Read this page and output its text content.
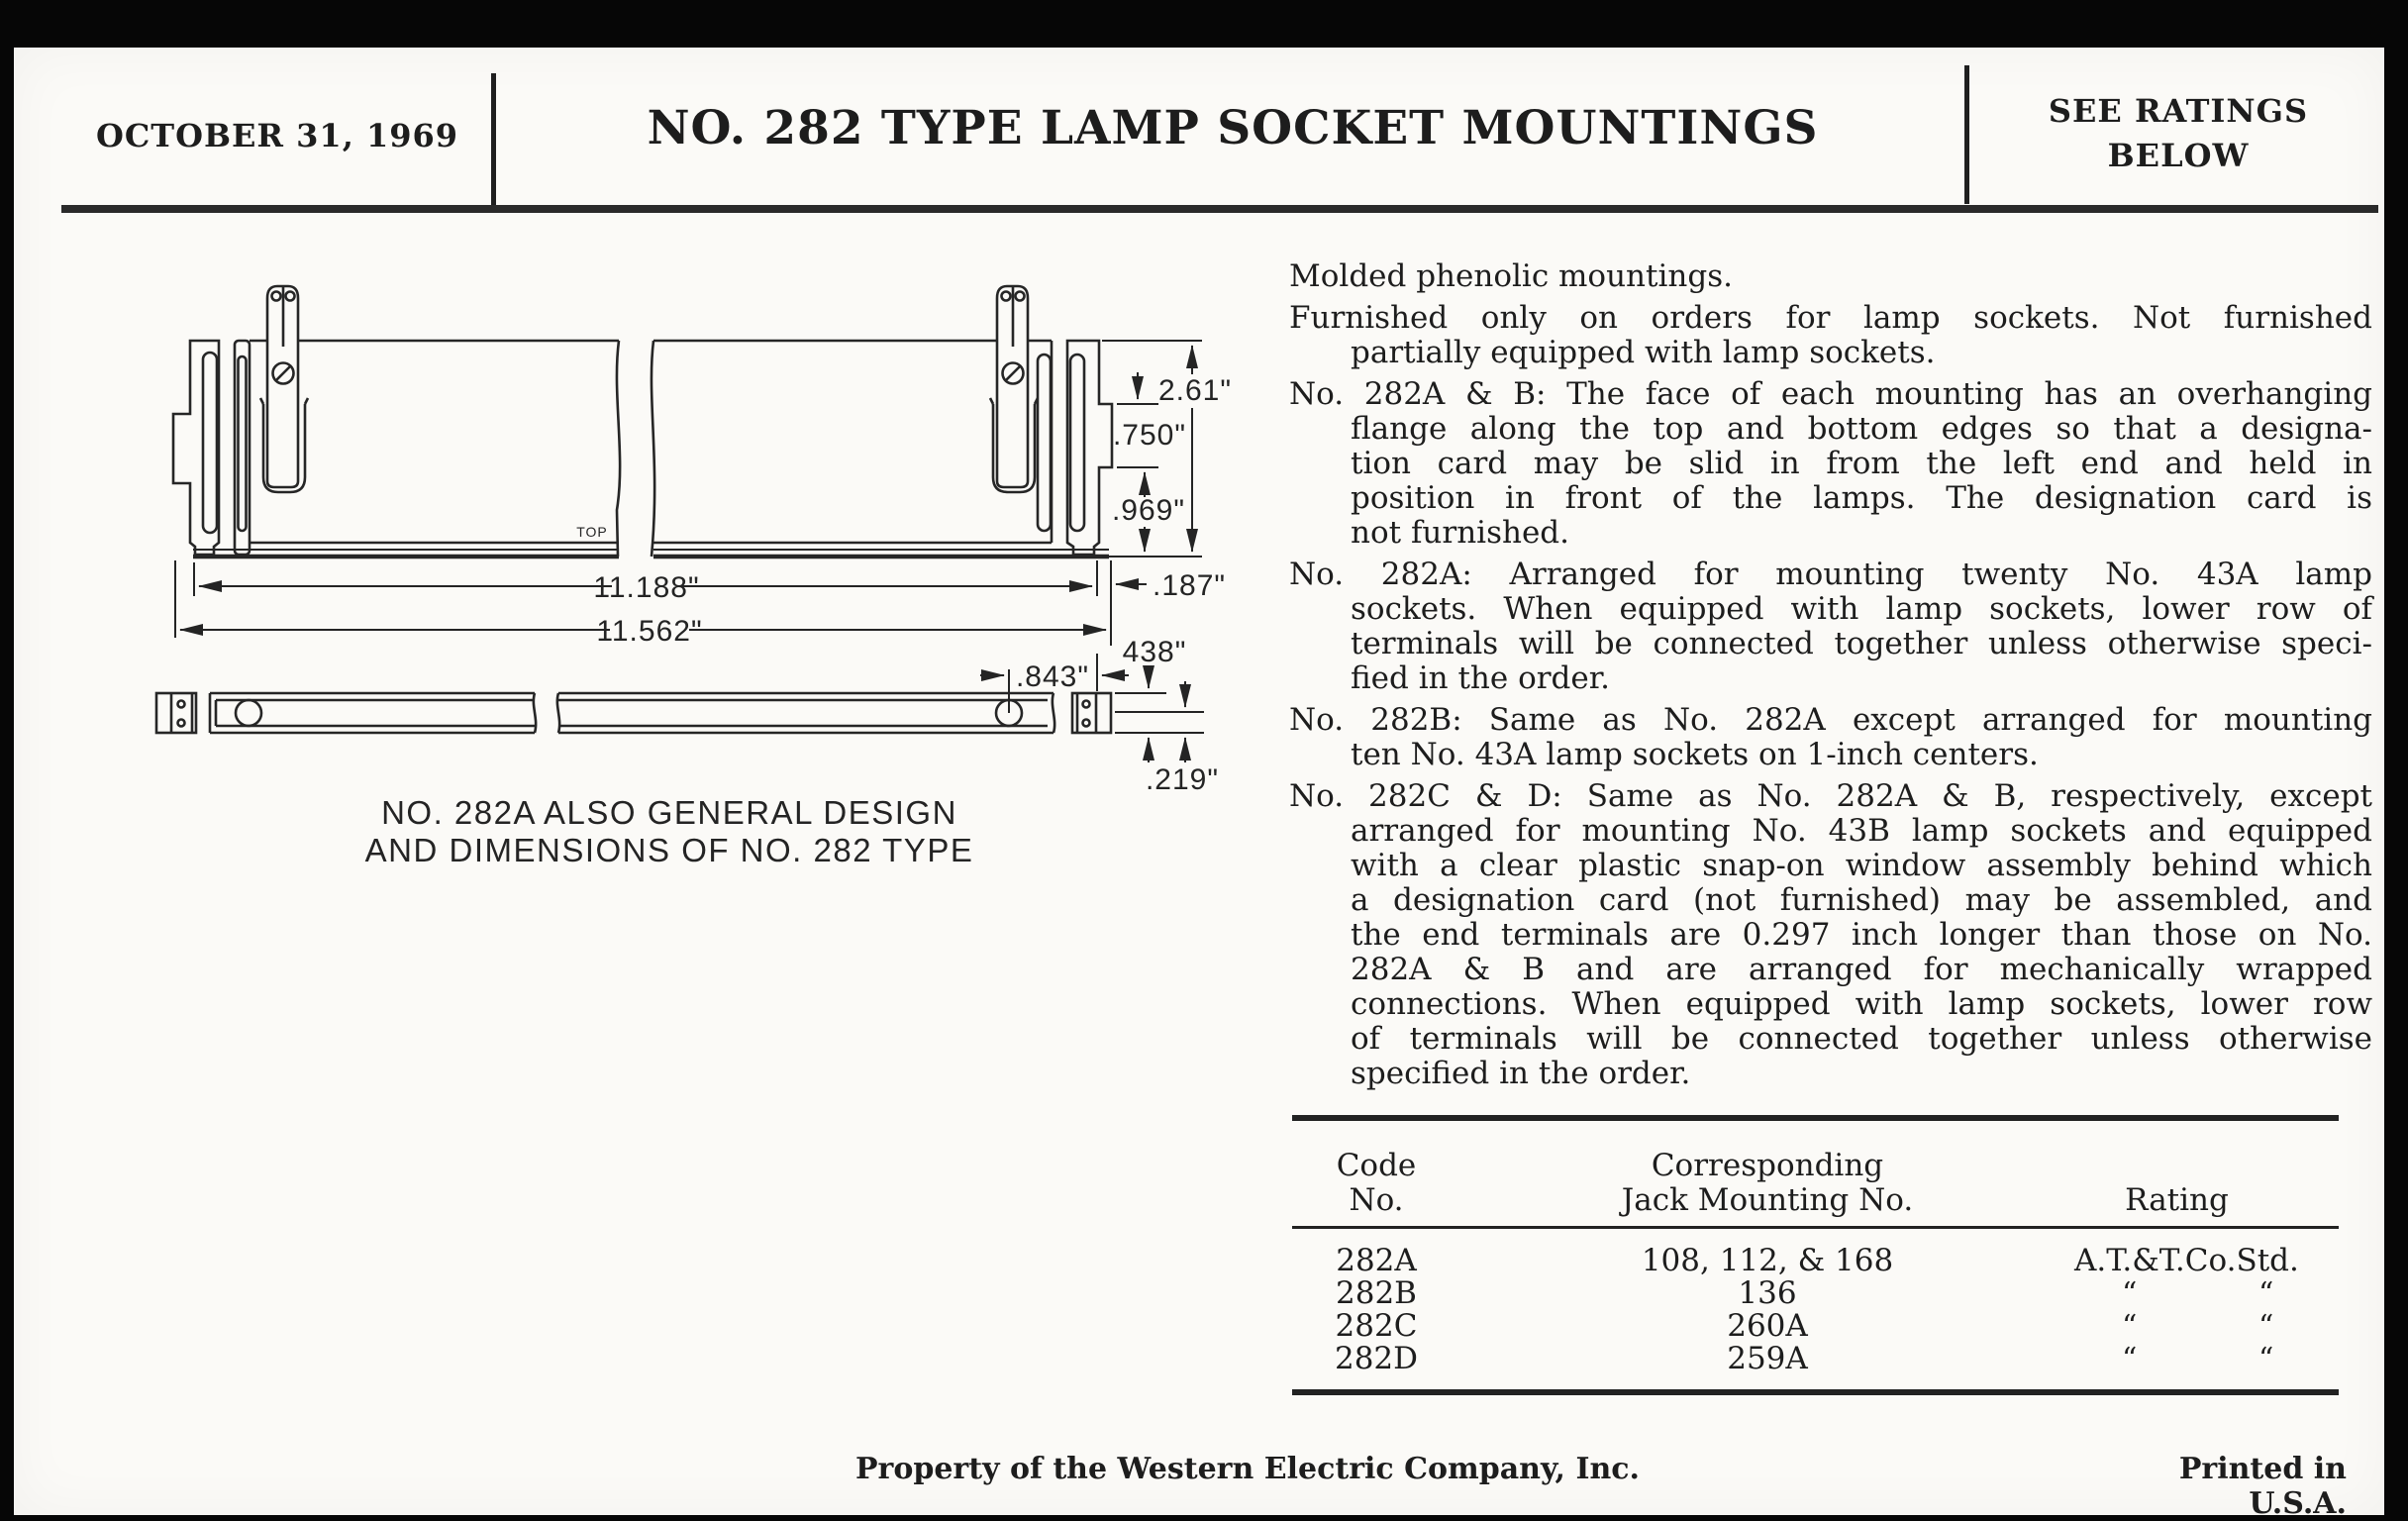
OCTOBER 31, 1969	NO. 282 TYPE LAMP SOCKET MOUNTINGS	SEE RATINGS
BELOW
TOP
2.61"
.750"
.969"
11.188"	.187"
11.562"
.843"
438"
.219"
NO. 282A ALSO GENERAL DESIGN
AND DIMENSIONS OF NO. 282 TYPE
Molded phenolic mountings.
Furnished only on orders for lamp sockets. Not furnished
partially equipped with lamp sockets.
No. 282A & B: The face of each mounting has an overhanging
flange along the top and bottom edges so that a designa-
tion card may be slid in from the left end and held in
position in front of the lamps. The designation card is
not furnished.
No. 282A: Arranged for mounting twenty No. 43A lamp
sockets. When equipped with lamp sockets, lower row of
terminals will be connected together unless otherwise speci-
fied in the order.
No. 282B: Same as No. 282A except arranged for mounting
ten No. 43A lamp sockets on 1-inch centers.
No. 282C & D: Same as No. 282A & B, respectively, except
arranged for mounting No. 43B lamp sockets and equipped
with a clear plastic snap-on window assembly behind which
a designation card (not furnished) may be assembled, and
the end terminals are 0.297 inch longer than those on No.
282A & B and are arranged for mechanically wrapped
connections. When equipped with lamp sockets, lower row
of terminals will be connected together unless otherwise
specified in the order.
Code
No.
Corresponding
Jack Mounting No.	Rating
282A	108, 112, & 168	A.T.&T.Co.Std.
282B	136	“	“
282C	260A	“	“
282D	259A	“	“
Property of the Western Electric Company, Inc.	Printed in U.S.A.
